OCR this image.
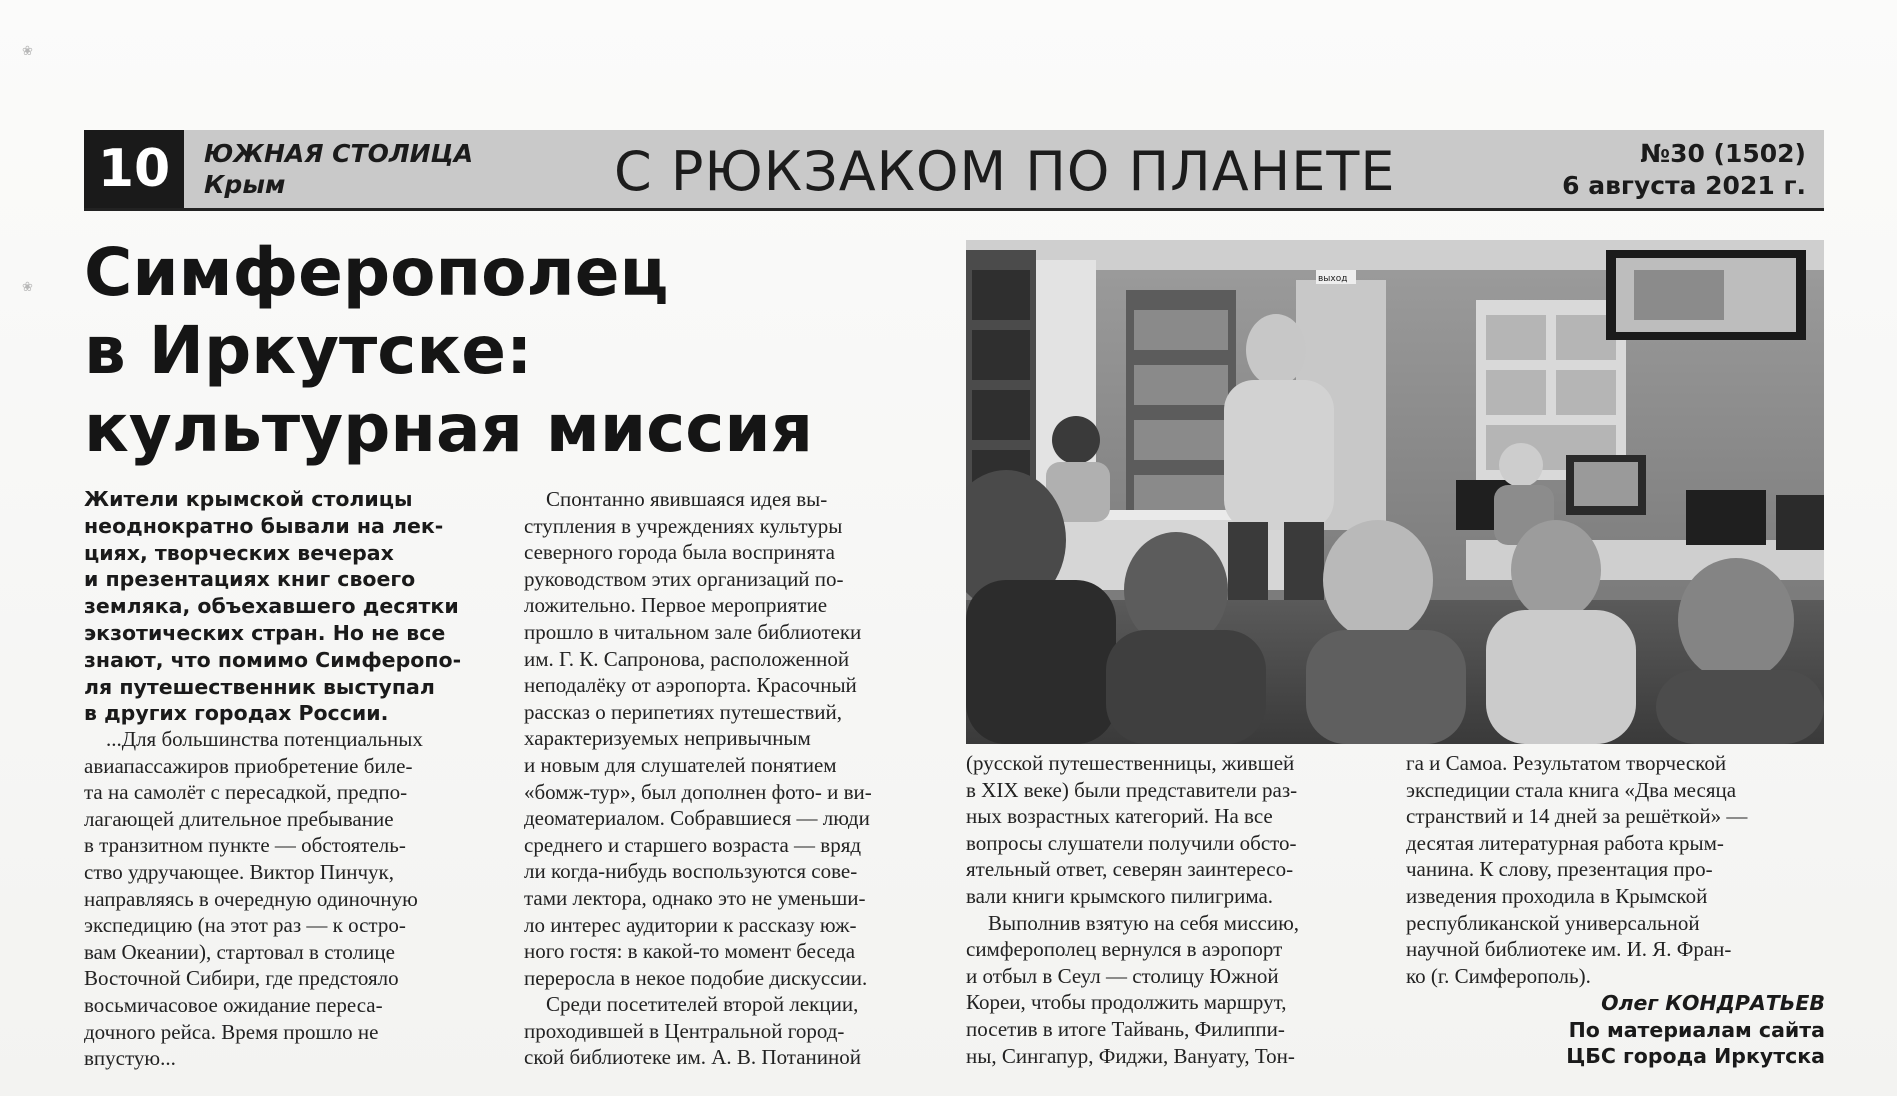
❀
❀
10	ЮЖНАЯ СТОЛИЦА
Крым	С РЮКЗАКОМ ПО ПЛАНЕТЕ	№30 (1502)
6 августа 2021 г.
Симферополец
в Иркутске:
культурная миссия
выход
Жители крымской столицы
неоднократно бывали на лек-
циях, творческих вечерах
и презентациях книг своего
земляка, объехавшего десятки
экзотических стран. Но не все
знают, что помимо Симферопо-
ля путешественник выступал
в других городах России.
...Для большинства потенциальных
авиапассажиров приобретение биле-
та на самолёт с пересадкой, предпо-
лагающей длительное пребывание
в транзитном пункте — обстоятель-
ство удручающее. Виктор Пинчук,
направляясь в очередную одиночную
экспедицию (на этот раз — к остро-
вам Океании), стартовал в столице
Восточной Сибири, где предстояло
восьмичасовое ожидание переса-
дочного рейса. Время прошло не
впустую...
Спонтанно явившаяся идея вы-
ступления в учреждениях культуры
северного города была воспринята
руководством этих организаций по-
ложительно. Первое мероприятие
прошло в читальном зале библиотеки
им. Г. К. Сапронова, расположенной
неподалёку от аэропорта. Красочный
рассказ о перипетиях путешествий,
характеризуемых непривычным
и новым для слушателей понятием
«бомж-тур», был дополнен фото- и ви-
деоматериалом. Собравшиеся — люди
среднего и старшего возраста — вряд
ли когда-нибудь воспользуются сове-
тами лектора, однако это не уменьши-
ло интерес аудитории к рассказу юж-
ного гостя: в какой-то момент беседа
переросла в некое подобие дискуссии.
Среди посетителей второй лекции,
проходившей в Центральной город-
ской библиотеке им. А. В. Потаниной
(русской путешественницы, жившей
в XIX веке) были представители раз-
ных возрастных категорий. На все
вопросы слушатели получили обсто-
ятельный ответ, северян заинтересо-
вали книги крымского пилигрима.
Выполнив взятую на себя миссию,
симферополец вернулся в аэропорт
и отбыл в Сеул — столицу Южной
Кореи, чтобы продолжить маршрут,
посетив в итоге Тайвань, Филиппи-
ны, Сингапур, Фиджи, Вануату, Тон-
га и Самоа. Результатом творческой
экспедиции стала книга «Два месяца
странствий и 14 дней за решёткой» —
десятая литературная работа крым-
чанина. К слову, презентация про-
изведения проходила в Крымской
республиканской универсальной
научной библиотеке им. И. Я. Фран-
ко (г. Симферополь).
Олег КОНДРАТЬЕВ
По материалам сайта
ЦБС города Иркутска
